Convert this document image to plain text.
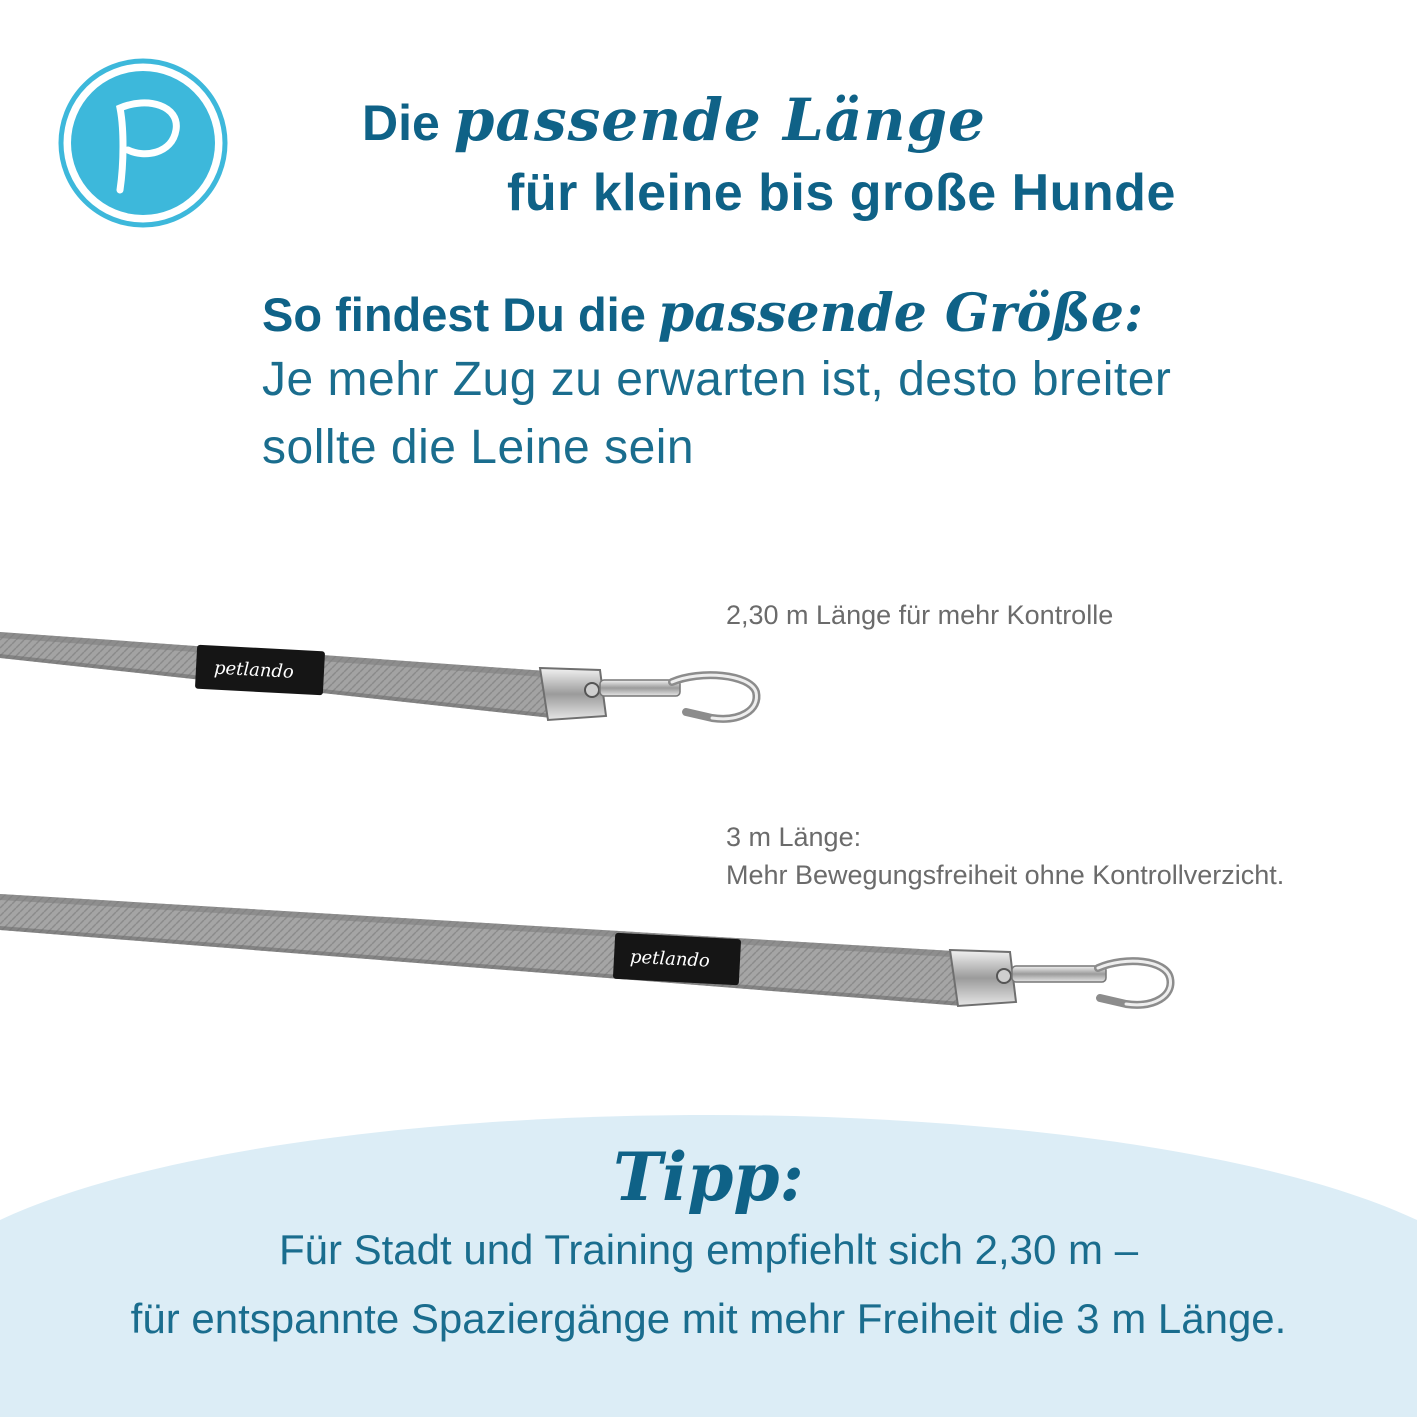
Die passende Länge
für kleine bis große Hunde
So findest Du die passende Größe:
Je mehr Zug zu erwarten ist, desto breiter
sollte die Leine sein
2,30 m Länge für mehr Kontrolle
petlando
3 m Länge:
Mehr Bewegungsfreiheit ohne Kontrollverzicht.
petlando
Tipp:
Für Stadt und Training empfiehlt sich 2,30 m –
für entspannte Spaziergänge mit mehr Freiheit die 3 m Länge.
